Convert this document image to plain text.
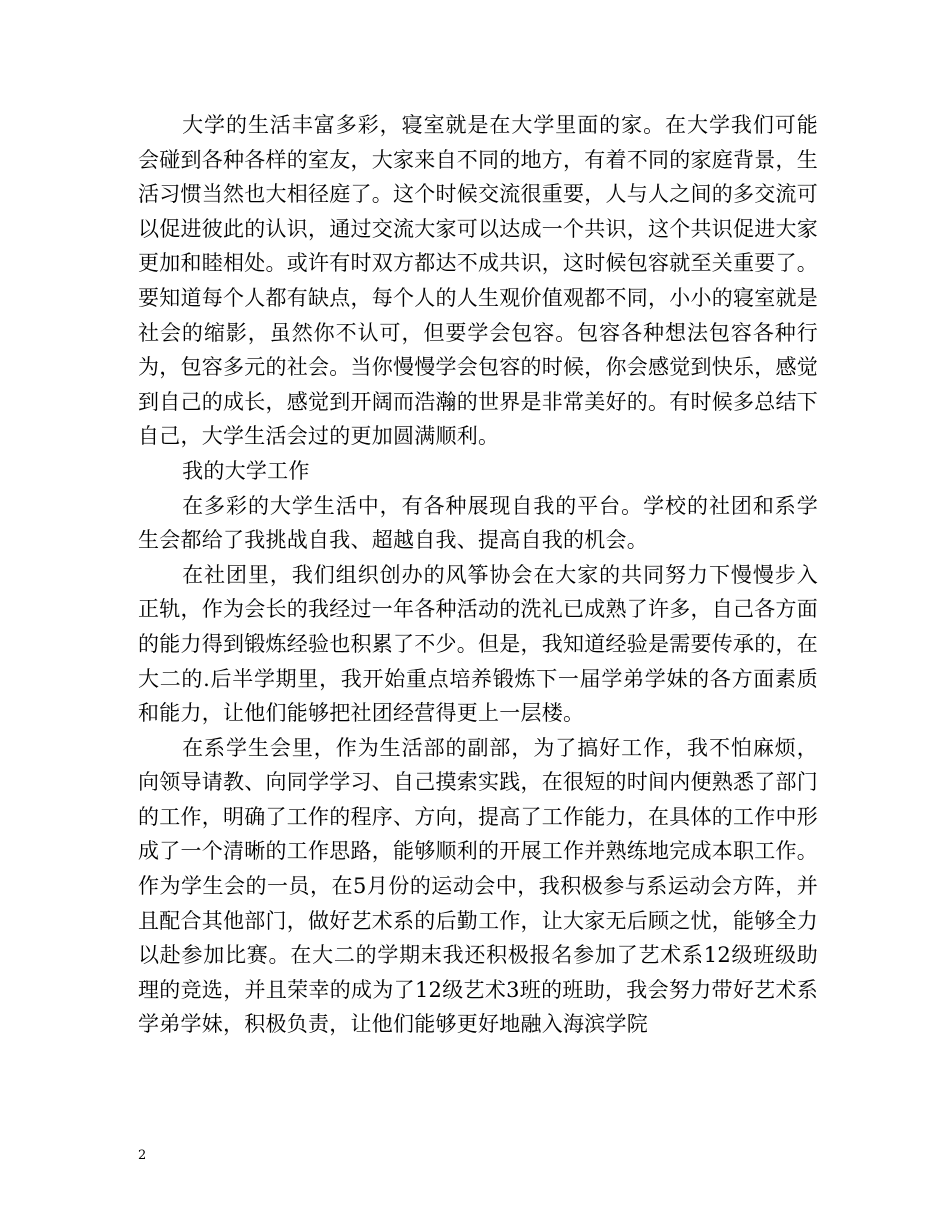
大学的生活丰富多彩，寝室就是在大学里面的家。在大学我们可能会碰到各种各样的室友，大家来自不同的地方，有着不同的家庭背景，生活习惯当然也大相径庭了。这个时候交流很重要，人与人之间的多交流可以促进彼此的认识，通过交流大家可以达成一个共识，这个共识促进大家更加和睦相处。或许有时双方都达不成共识，这时候包容就至关重要了。要知道每个人都有缺点，每个人的人生观价值观都不同，小小的寝室就是社会的缩影，虽然你不认可，但要学会包容。包容各种想法包容各种行为，包容多元的社会。当你慢慢学会包容的时候，你会感觉到快乐，感觉到自己的成长，感觉到开阔而浩瀚的世界是非常美好的。有时候多总结下自己，大学生活会过的更加圆满顺利。

我的大学工作

在多彩的大学生活中，有各种展现自我的平台。学校的社团和系学生会都给了我挑战自我、超越自我、提高自我的机会。

在社团里，我们组织创办的风筝协会在大家的共同努力下慢慢步入正轨，作为会长的我经过一年各种活动的洗礼已成熟了许多，自己各方面的能力得到锻炼经验也积累了不少。但是，我知道经验是需要传承的，在大二的.后半学期里，我开始重点培养锻炼下一届学弟学妹的各方面素质和能力，让他们能够把社团经营得更上一层楼。

在系学生会里，作为生活部的副部，为了搞好工作，我不怕麻烦，向领导请教、向同学学习、自己摸索实践，在很短的时间内便熟悉了部门的工作，明确了工作的程序、方向，提高了工作能力，在具体的工作中形成了一个清晰的工作思路，能够顺利的开展工作并熟练地完成本职工作。作为学生会的一员，在5月份的运动会中，我积极参与系运动会方阵，并且配合其他部门，做好艺术系的后勤工作，让大家无后顾之忧，能够全力以赴参加比赛。在大二的学期末我还积极报名参加了艺术系12级班级助理的竞选，并且荣幸的成为了12级艺术3班的班助，我会努力带好艺术系学弟学妹，积极负责，让他们能够更好地融入海滨学院

2
